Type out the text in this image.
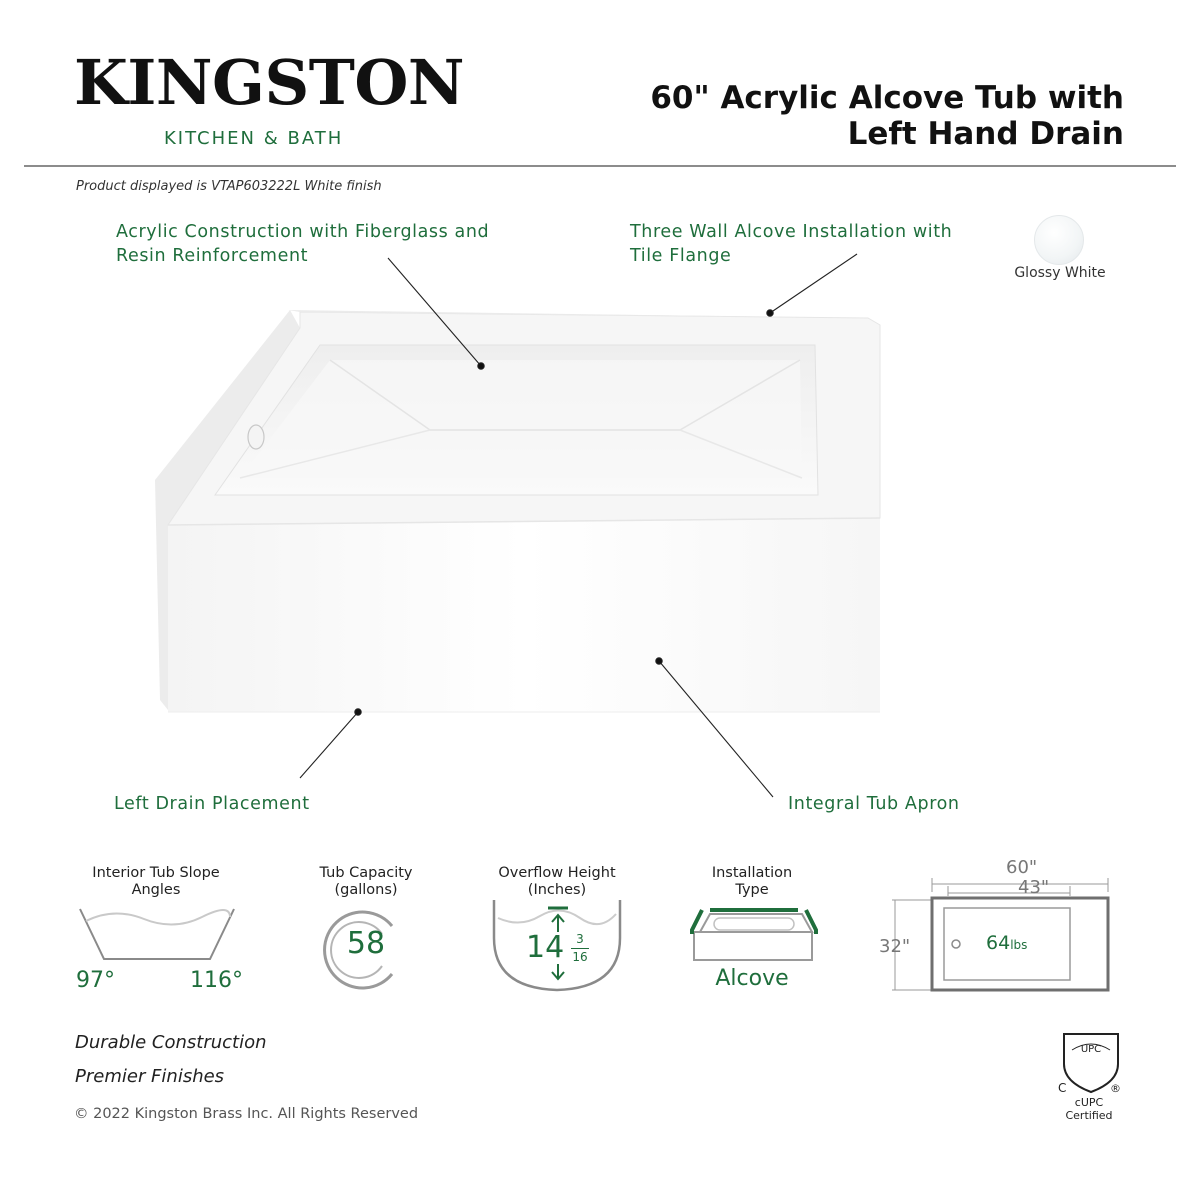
KINGSTON
KITCHEN & BATH
60" Acrylic Alcove Tub with
Left Hand Drain
Product displayed is VTAP603222L White finish
Glossy White
Acrylic Construction with Fiberglass and
Resin Reinforcement
Three Wall Alcove Installation with
Tile Flange
Left Drain Placement	Integral Tub Apron
Interior Tub Slope
Angles
97°	116°
Tub Capacity
(gallons)
58
Overflow Height
(Inches)
14 3
16
Installation
Type
Alcove
60"
43"
32"	64lbs
Durable Construction
Premier Finishes
© 2022 Kingston Brass Inc. All Rights Reserved
UPC
C	®
cUPC
Certified
